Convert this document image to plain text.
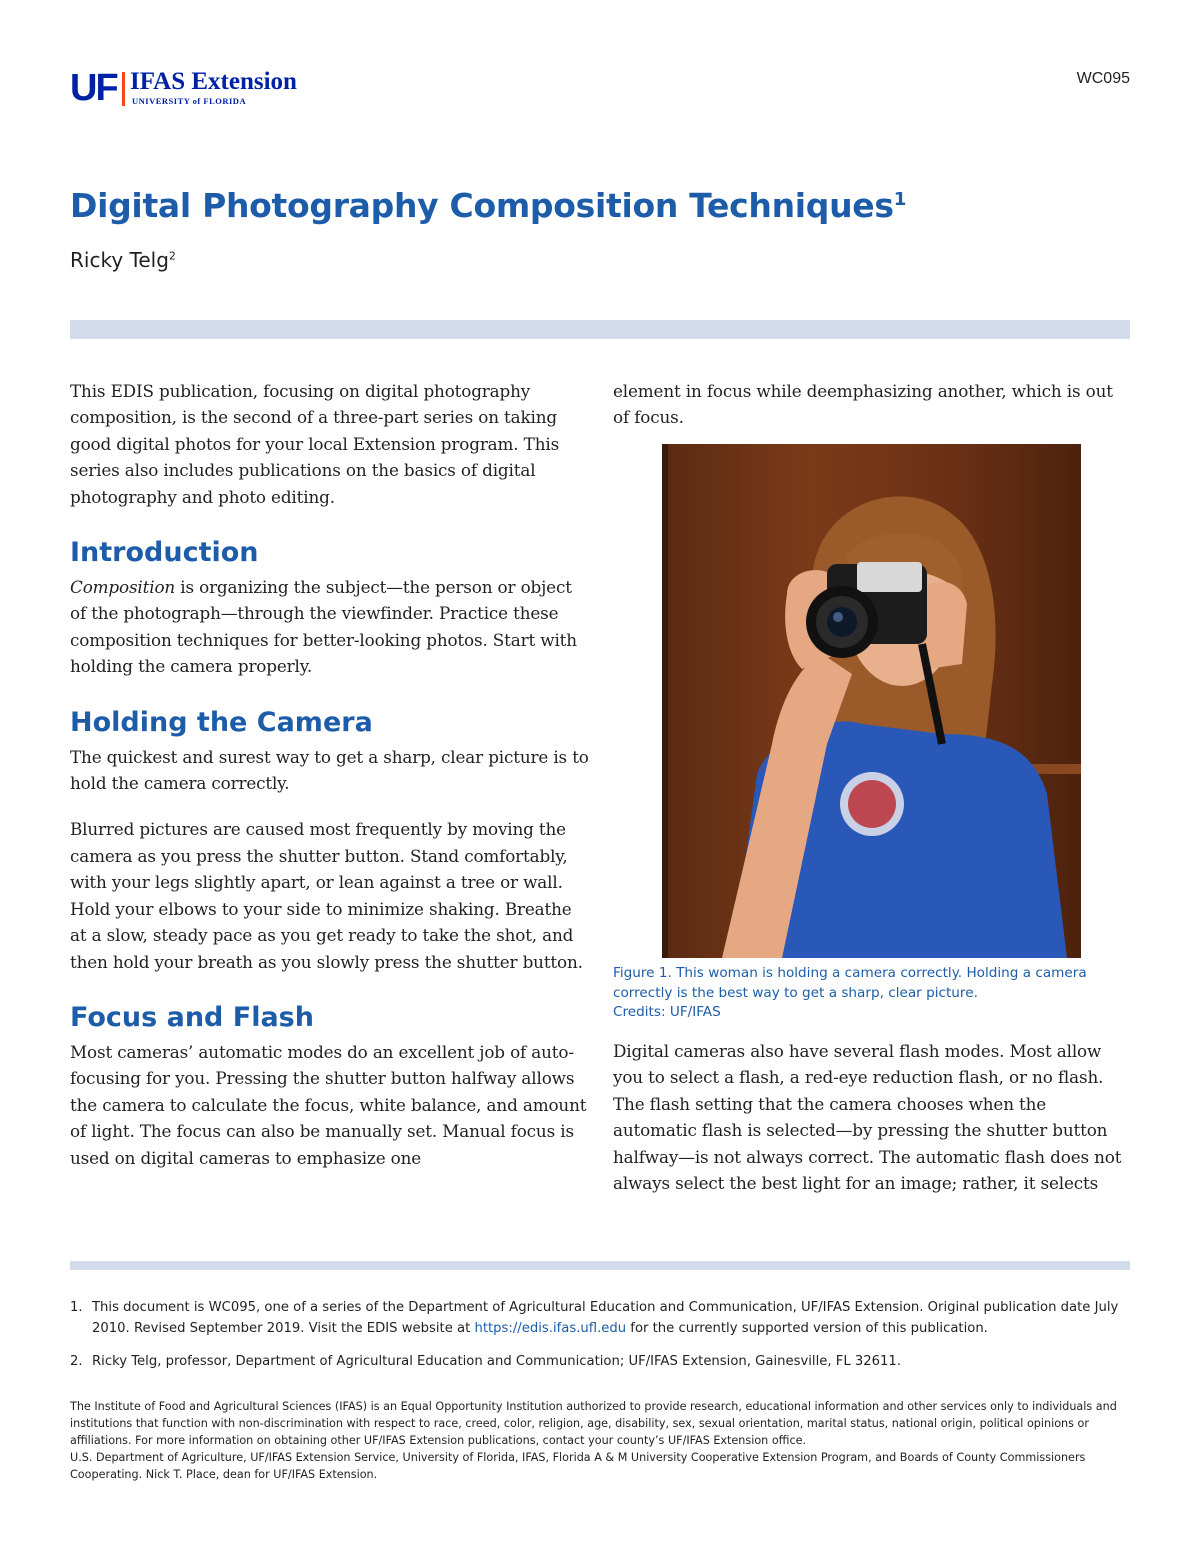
UF IFAS Extension
UNIVERSITY of FLORIDA
WC095
Digital Photography Composition Techniques$^1$
Ricky Telg$^2$

This EDIS publication, focusing on digital photography composition, is the second of a three-part series on taking good digital photos for your local Extension program. This series also includes publications on the basics of digital photography and photo editing.

Introduction

Composition is organizing the subject—the person or object of the photograph—through the viewfinder. Practice these composition techniques for better-looking photos. Start with holding the camera properly.

Holding the Camera

The quickest and surest way to get a sharp, clear picture is to hold the camera correctly.

Blurred pictures are caused most frequently by moving the camera as you press the shutter button. Stand comfortably, with your legs slightly apart, or lean against a tree or wall. Hold your elbows to your side to minimize shaking. Breathe at a slow, steady pace as you get ready to take the shot, and then hold your breath as you slowly press the shutter button.

Focus and Flash

Most cameras’ automatic modes do an excellent job of auto-focusing for you. Pressing the shutter button halfway allows the camera to calculate the focus, white balance, and amount of light. The focus can also be manually set. Manual focus is used on digital cameras to emphasize one

element in focus while deemphasizing another, which is out of focus.

Figure 1. This woman is holding a camera correctly. Holding a camera correctly is the best way to get a sharp, clear picture.
Credits: UF/IFAS

Digital cameras also have several flash modes. Most allow you to select a flash, a red-eye reduction flash, or no flash. The flash setting that the camera chooses when the automatic flash is selected—by pressing the shutter button halfway—is not always correct. The automatic flash does not always select the best light for an image; rather, it selects

1. This document is WC095, one of a series of the Department of Agricultural Education and Communication, UF/IFAS Extension. Original publication date July 2010. Revised September 2019. Visit the EDIS website at https://edis.ifas.ufl.edu for the currently supported version of this publication.
2. Ricky Telg, professor, Department of Agricultural Education and Communication; UF/IFAS Extension, Gainesville, FL 32611.
The Institute of Food and Agricultural Sciences (IFAS) is an Equal Opportunity Institution authorized to provide research, educational information and other services only to individuals and institutions that function with non-discrimination with respect to race, creed, color, religion, age, disability, sex, sexual orientation, marital status, national origin, political opinions or affiliations. For more information on obtaining other UF/IFAS Extension publications, contact your county’s UF/IFAS Extension office.
U.S. Department of Agriculture, UF/IFAS Extension Service, University of Florida, IFAS, Florida A & M University Cooperative Extension Program, and Boards of County Commissioners Cooperating. Nick T. Place, dean for UF/IFAS Extension.
